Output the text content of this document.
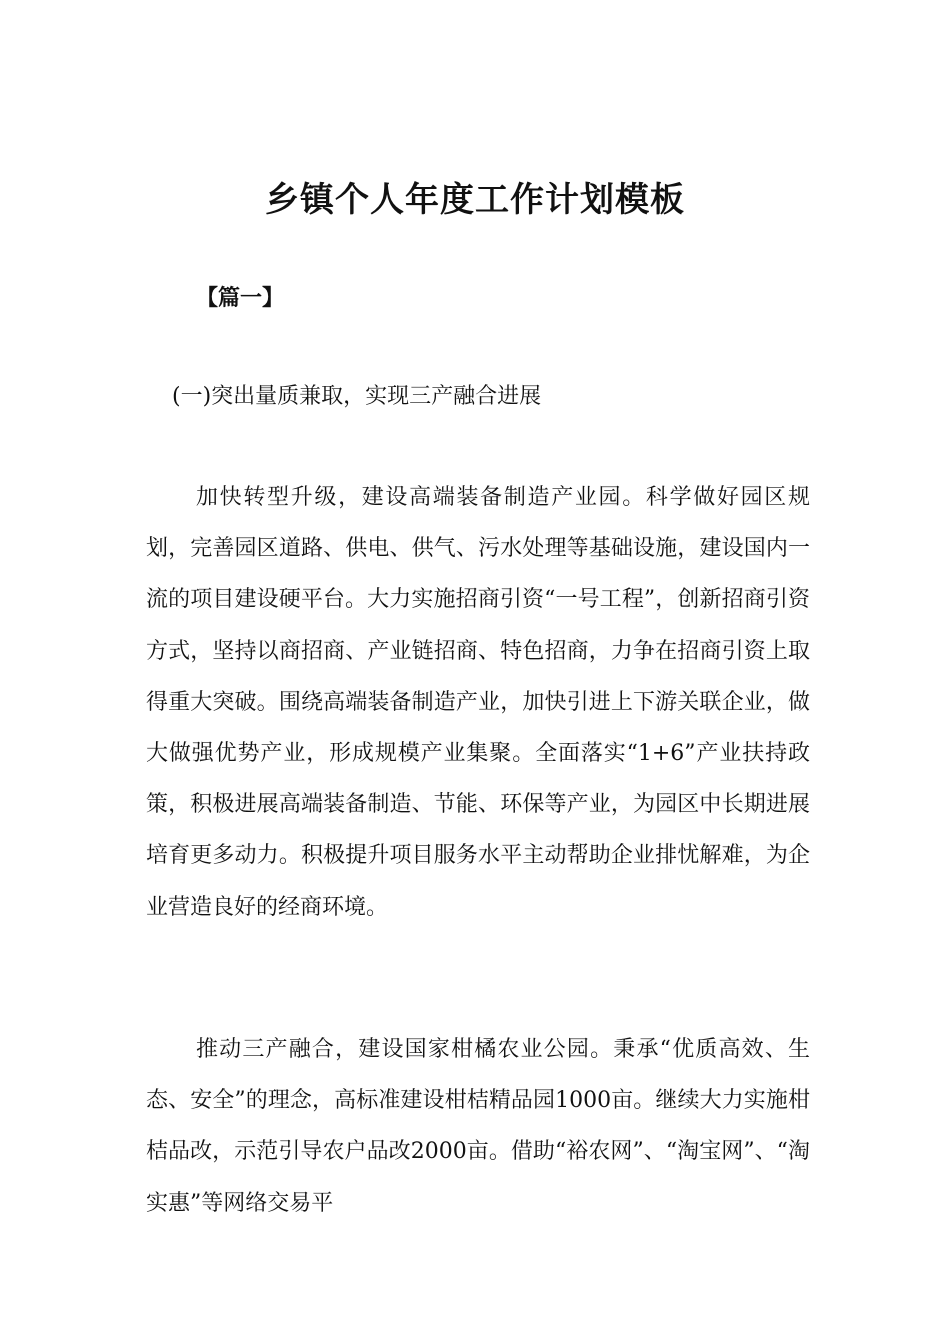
乡镇个人年度工作计划模板
【篇一】
(一)突出量质兼取，实现三产融合进展

加快转型升级，建设高端装备制造产业园。科学做好园区规划，完善园区道路、供电、供气、污水处理等基础设施，建设国内一流的项目建设硬平台。大力实施招商引资“一号工程”，创新招商引资方式，坚持以商招商、产业链招商、特色招商，力争在招商引资上取得重大突破。围绕高端装备制造产业，加快引进上下游关联企业，做大做强优势产业，形成规模产业集聚。全面落实“1+6”产业扶持政策，积极进展高端装备制造、节能、环保等产业，为园区中长期进展培育更多动力。积极提升项目服务水平主动帮助企业排忧解难，为企业营造良好的经商环境。

推动三产融合，建设国家柑橘农业公园。秉承“优质高效、生态、安全”的理念，高标准建设柑桔精品园1000亩。继续大力实施柑桔品改，示范引导农户品改2000亩。借助“裕农网”、“淘宝网”、“淘实惠”等网络交易平
